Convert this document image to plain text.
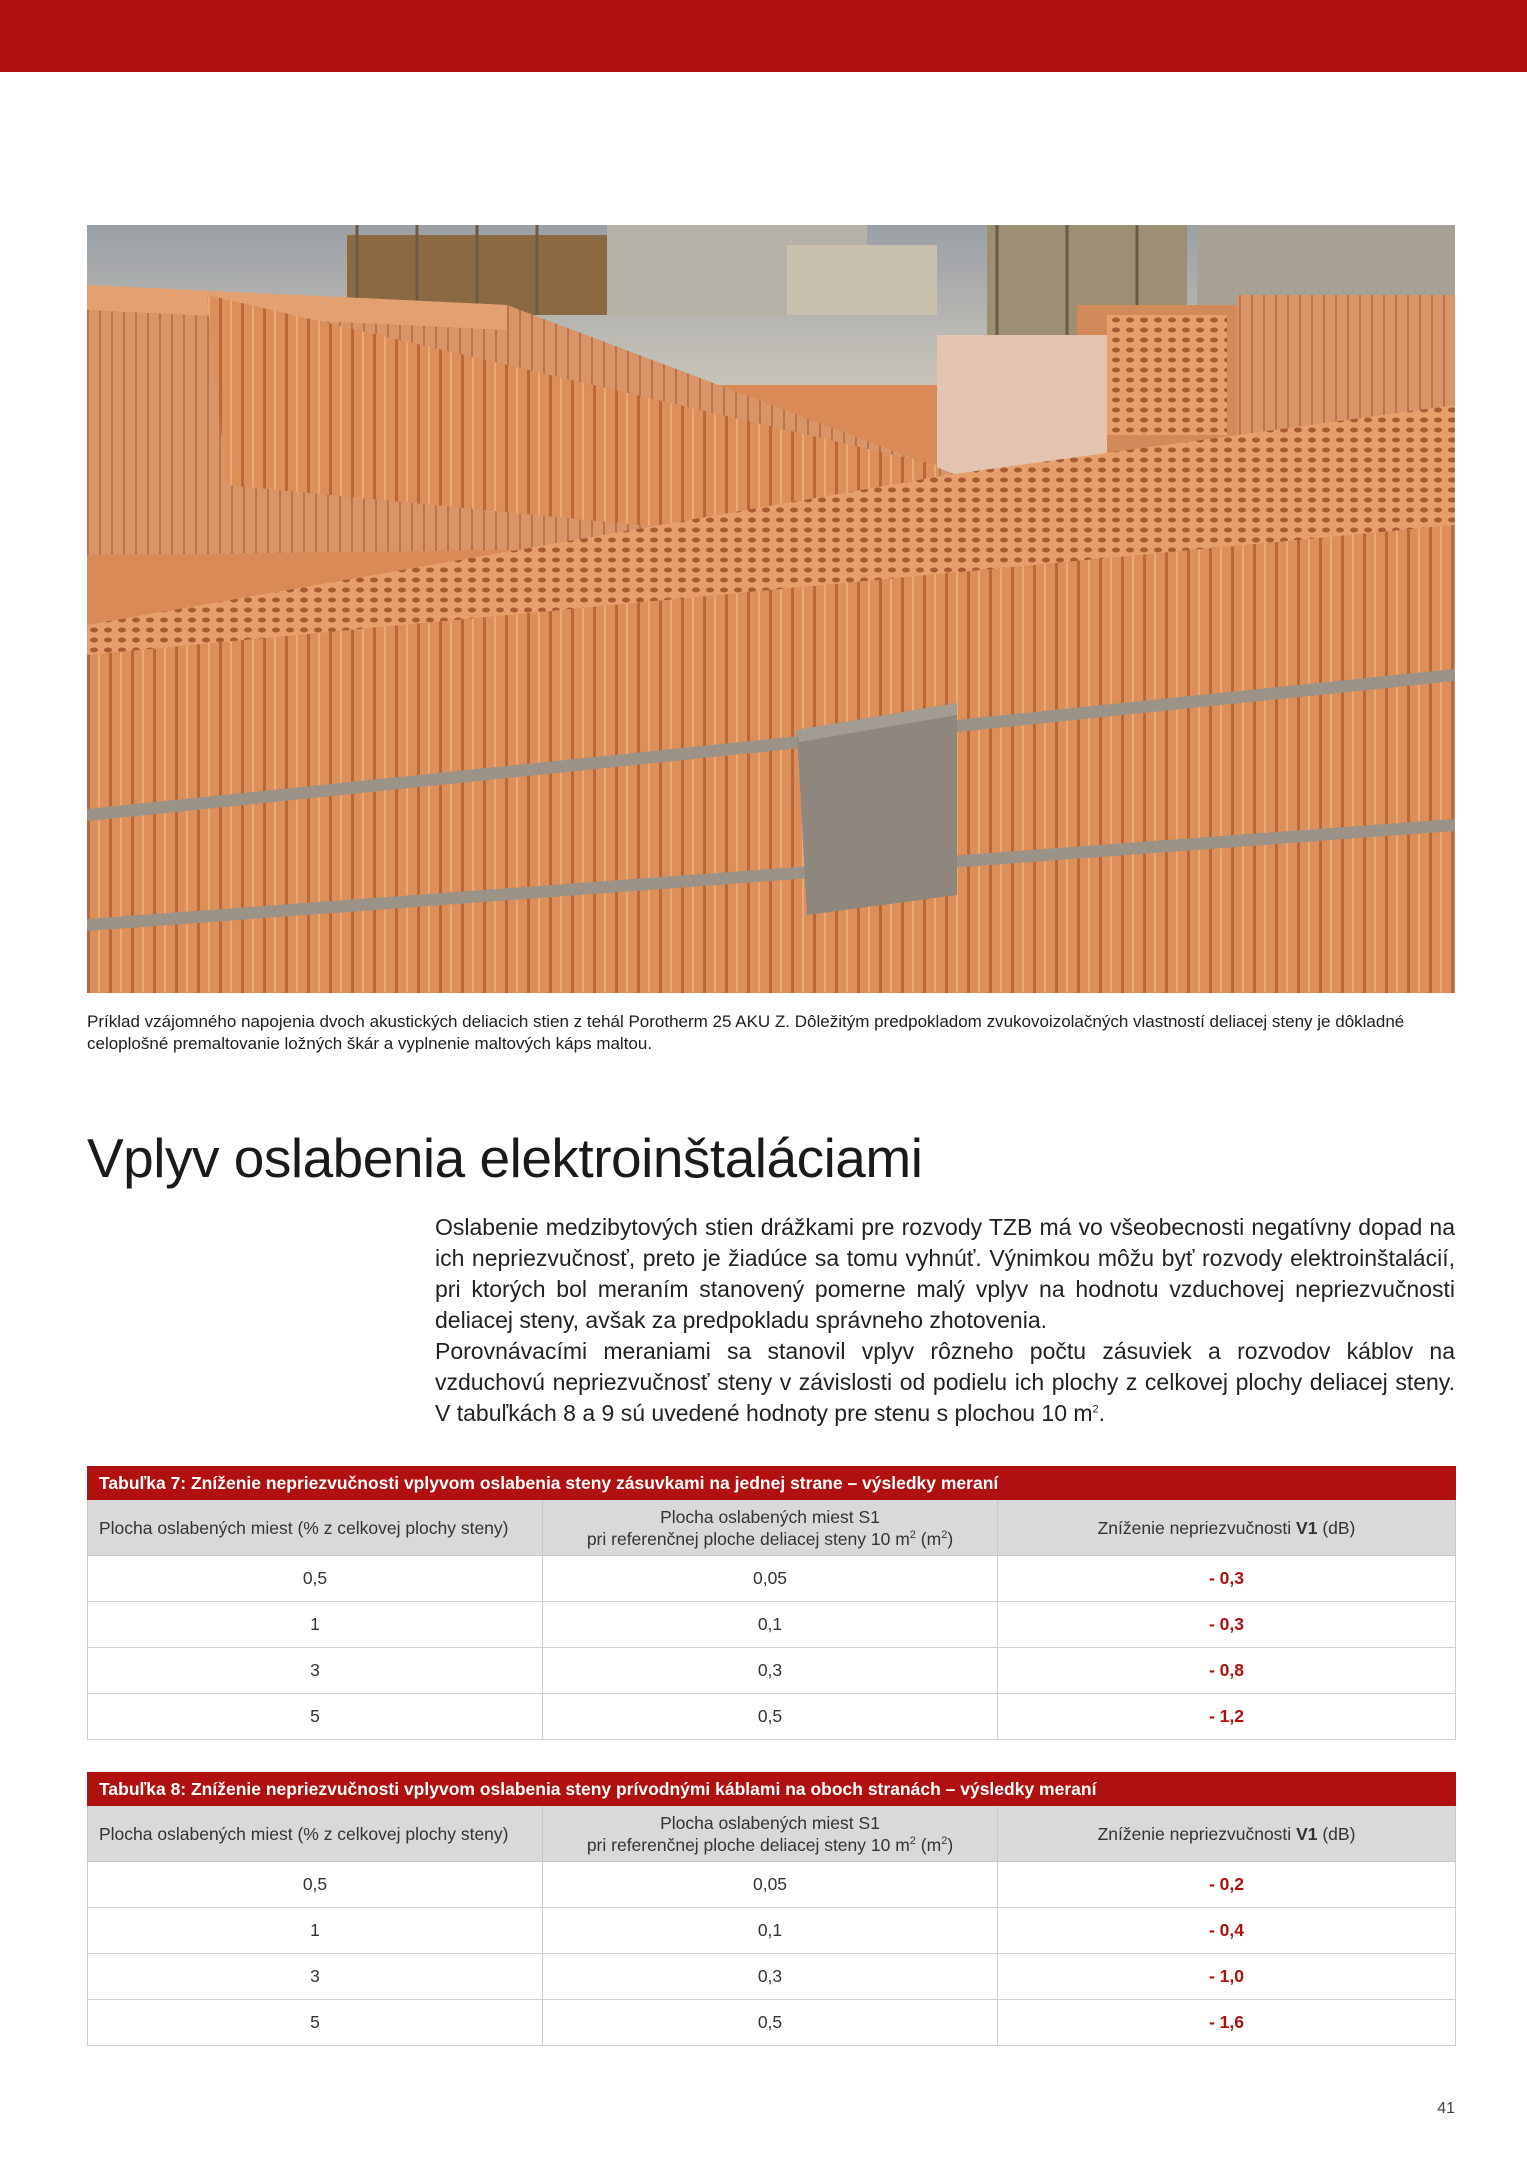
Príklad vzájomného napojenia dvoch akustických deliacich stien z tehál Porotherm 25 AKU Z. Dôležitým predpokladom zvukovoizolačných vlastností deliacej steny je dôkladné celoplošné premaltovanie ložných škár a vyplnenie maltových káps maltou.
Vplyv oslabenia elektroinštaláciami

Oslabenie medzibytových stien drážkami pre rozvody TZB má vo všeobecnosti negatívny dopad na ich nepriezvučnosť, preto je žiadúce sa tomu vyhnúť. Výnimkou môžu byť rozvody elektroinštalácií, pri ktorých bol meraním stanovený pomerne malý vplyv na hodnotu vzduchovej nepriezvučnosti deliacej steny, avšak za predpokladu správneho zhotovenia.

Porovnávacími meraniami sa stanovil vplyv rôzneho počtu zásuviek a rozvodov káblov na vzduchovú nepriezvučnosť steny v závislosti od podielu ich plochy z celkovej plochy deliacej steny. V tabuľkách 8 a 9 sú uvedené hodnoty pre stenu s plochou 10 $m^2$.

Tabuľka 7: Zníženie nepriezvučnosti vplyvom oslabenia steny zásuvkami na jednej strane – výsledky meraní		
Plocha oslabených miest (% z celkovej plochy steny)	Plocha oslabených miest S1
pri referenčnej ploche deliacej steny 10 $m^2$ $(m^2)$	Zníženie nepriezvučnosti V1 (dB)
0,5	0,05	- 0,3
1	0,1	- 0,3
3	0,3	- 0,8
5	0,5	- 1,2
Tabuľka 8: Zníženie nepriezvučnosti vplyvom oslabenia steny prívodnými káblami na oboch stranách – výsledky meraní		
Plocha oslabených miest (% z celkovej plochy steny)	Plocha oslabených miest S1
pri referenčnej ploche deliacej steny 10 $m^2$ $(m^2)$	Zníženie nepriezvučnosti V1 (dB)
0,5	0,05	- 0,2
1	0,1	- 0,4
3	0,3	- 1,0
5	0,5	- 1,6
41
